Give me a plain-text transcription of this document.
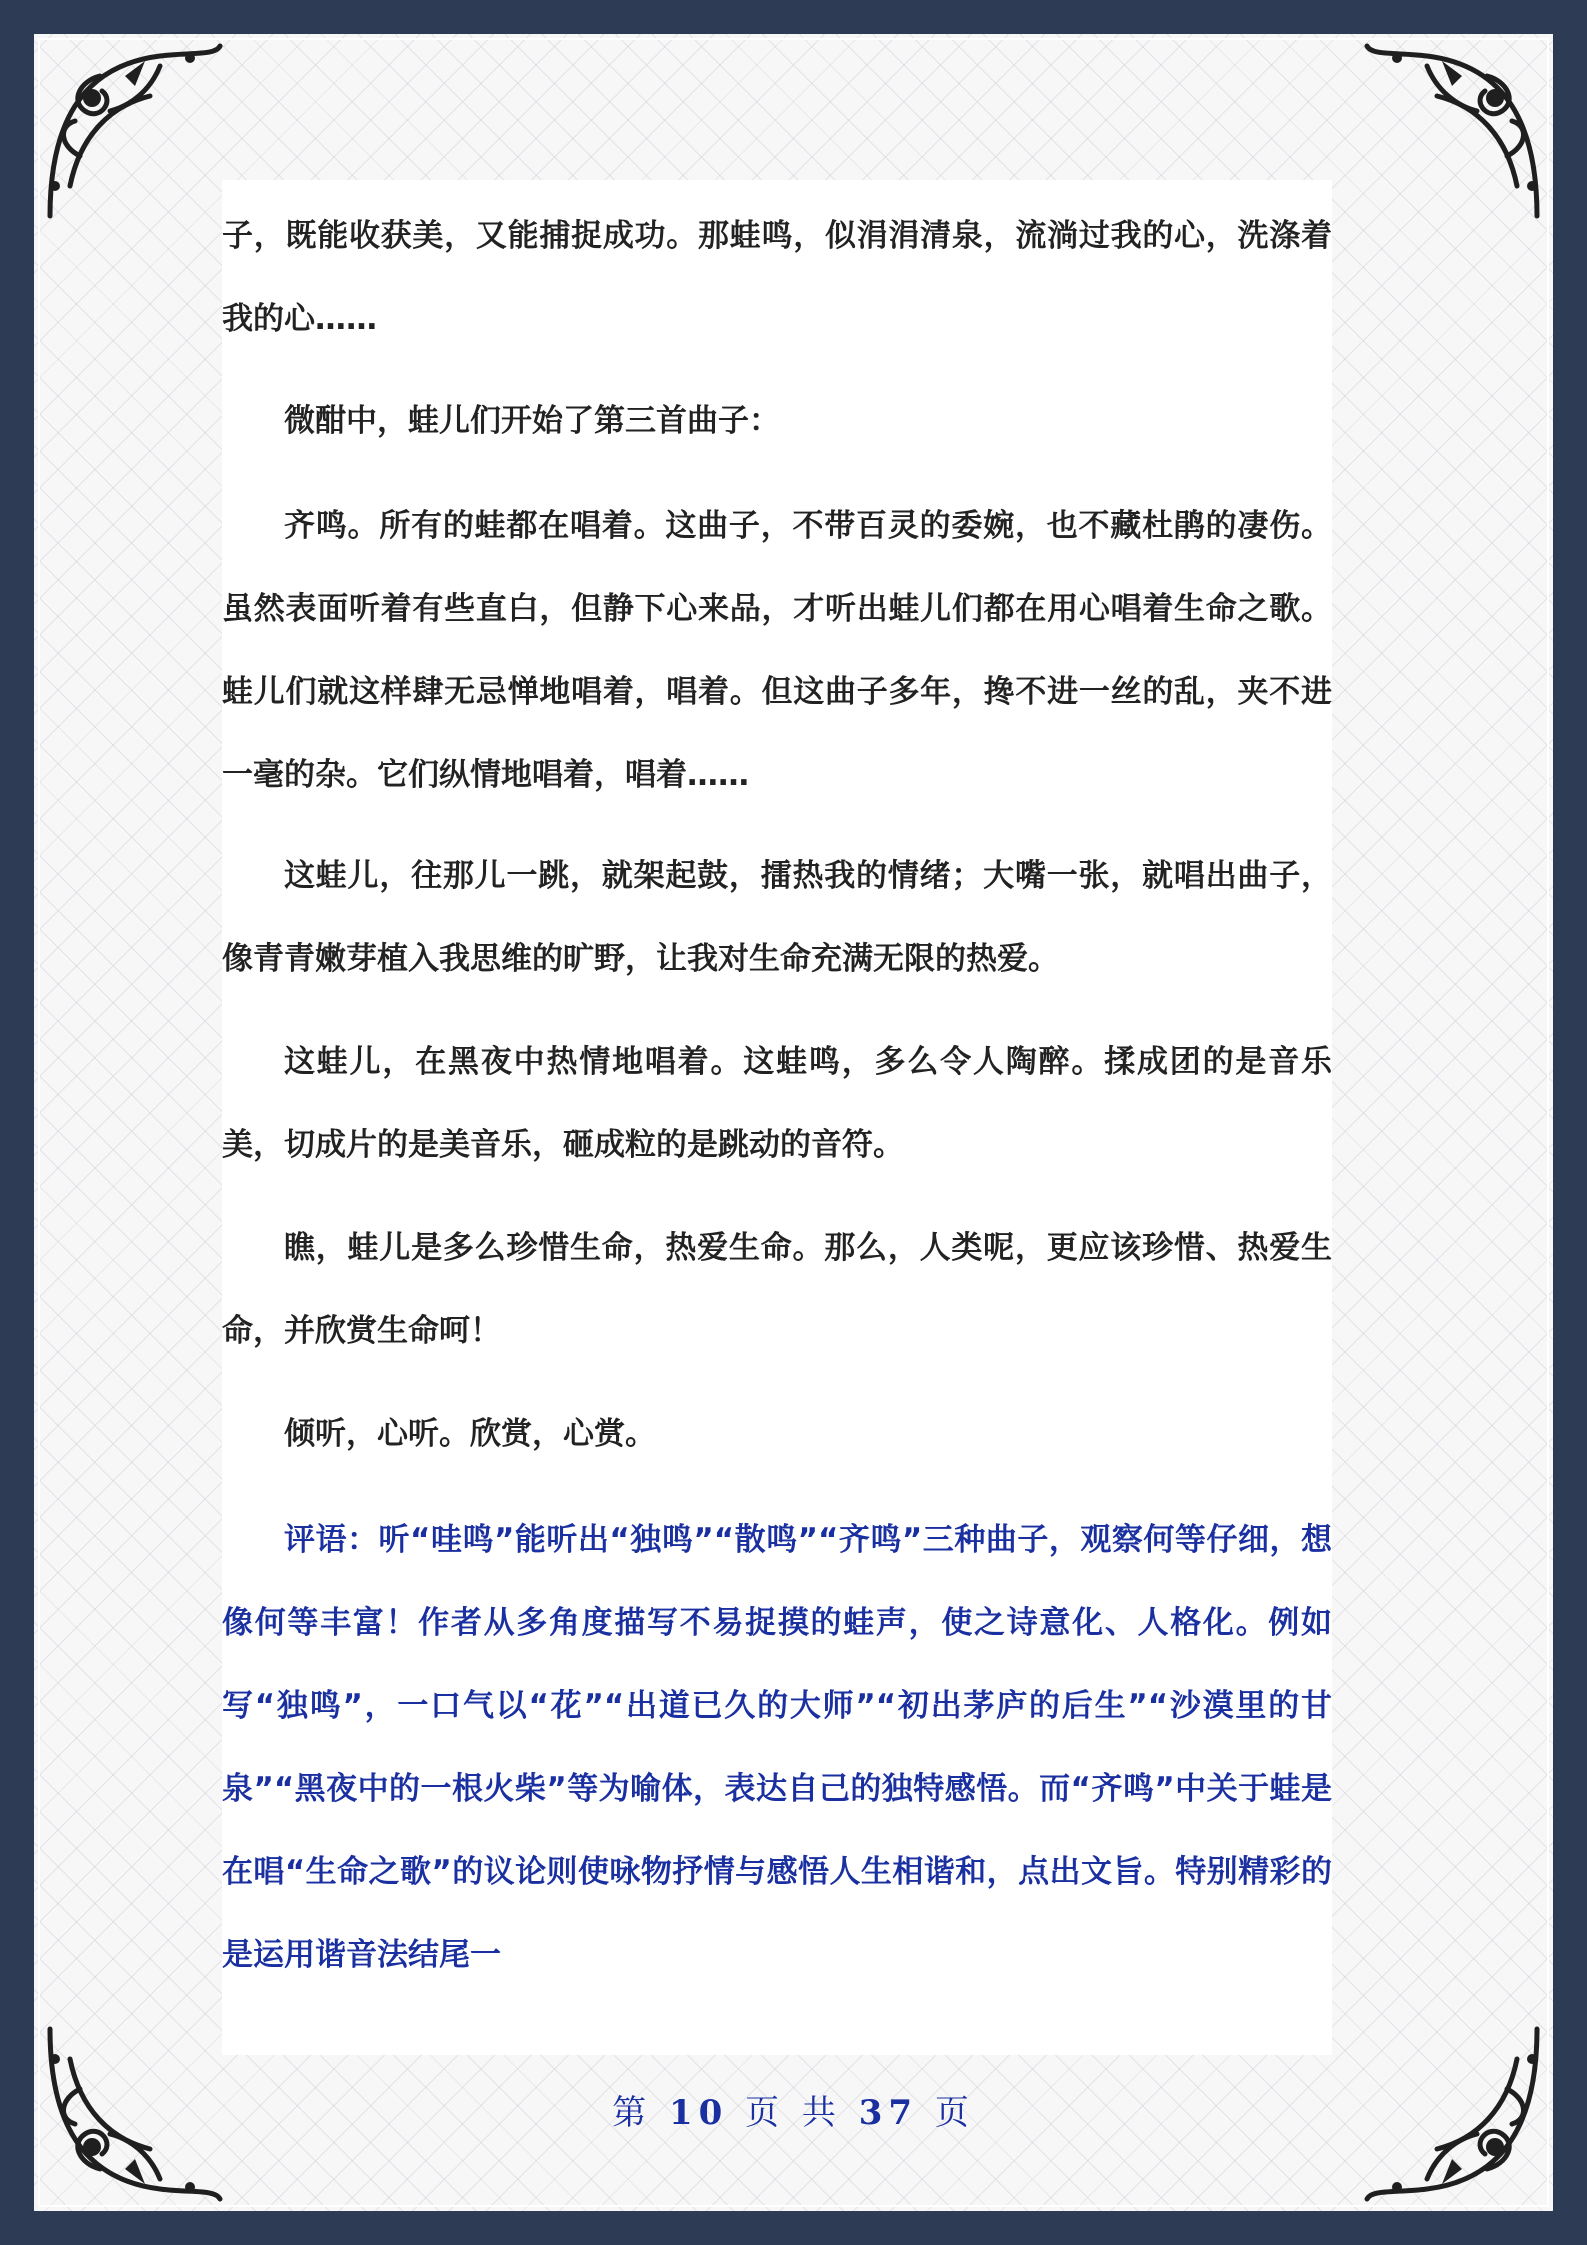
子，既能收获美，又能捕捉成功。那蛙鸣，似涓涓清泉，流淌过我的心，洗涤着我的心……

微酣中，蛙儿们开始了第三首曲子：

齐鸣。所有的蛙都在唱着。这曲子，不带百灵的委婉，也不藏杜鹃的凄伤。虽然表面听着有些直白，但静下心来品，才听出蛙儿们都在用心唱着生命之歌。蛙儿们就这样肆无忌惮地唱着，唱着。但这曲子多年，搀不进一丝的乱，夹不进一毫的杂。它们纵情地唱着，唱着……

这蛙儿，往那儿一跳，就架起鼓，擂热我的情绪；大嘴一张，就唱出曲子，像青青嫩芽植入我思维的旷野，让我对生命充满无限的热爱。

这蛙儿，在黑夜中热情地唱着。这蛙鸣，多么令人陶醉。揉成团的是音乐美，切成片的是美音乐，砸成粒的是跳动的音符。

瞧，蛙儿是多么珍惜生命，热爱生命。那么，人类呢，更应该珍惜、热爱生命，并欣赏生命呵！

倾听，心听。欣赏，心赏。

评语：听“哇鸣”能听出“独鸣”“散鸣”“齐鸣”三种曲子，观察何等仔细，想像何等丰富！作者从多角度描写不易捉摸的蛙声，使之诗意化、人格化。例如写“独鸣”，一口气以“花”“出道已久的大师”“初出茅庐的后生”“沙漠里的甘泉”“黑夜中的一根火柴”等为喻体，表达自己的独特感悟。而“齐鸣”中关于蛙是在唱“生命之歌”的议论则使咏物抒情与感悟人生相谐和，点出文旨。特别精彩的是运用谐音法结尾一

第 10 页 共 37 页
